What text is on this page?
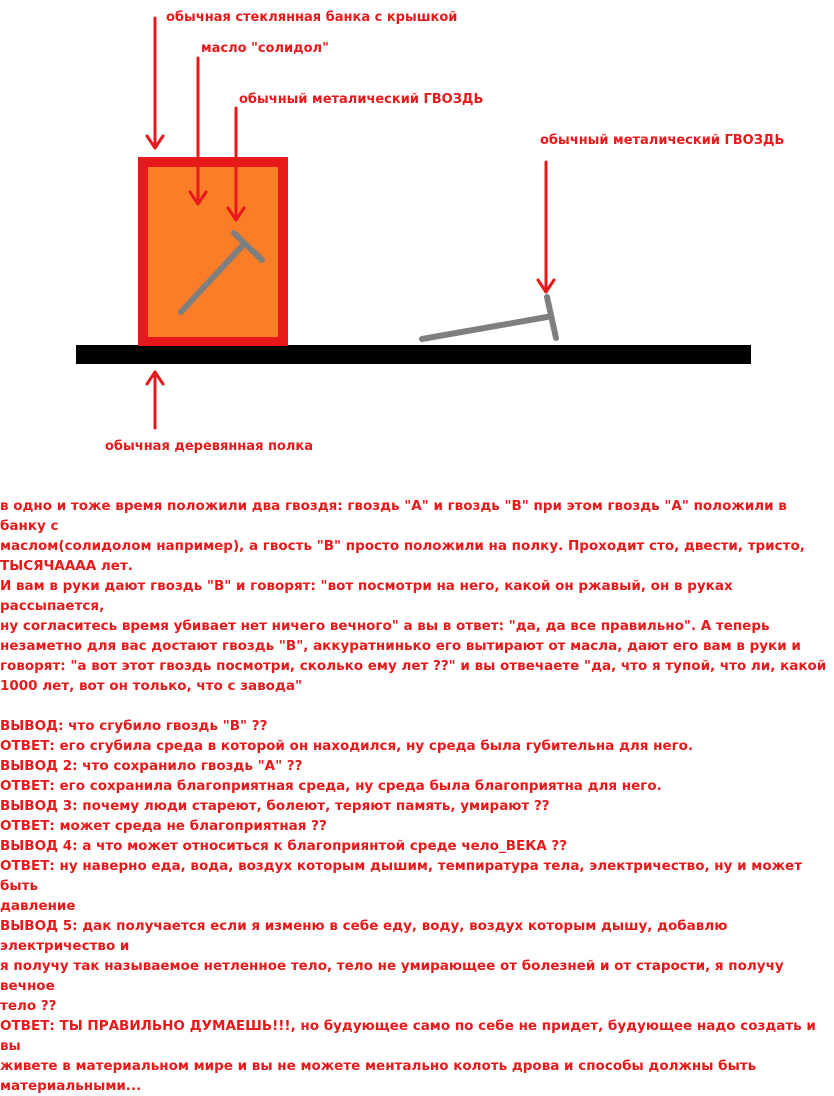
обычная стеклянная банка с крышкой
масло "солидол"
обычный металический ГВОЗДЬ
обычный металический ГВОЗДЬ
обычная деревянная полка

в одно и тоже время положили два гвоздя: гвоздь "А" и гвоздь "В" при этом гвоздь "А" положили в банку с

маслом(солидолом например), а гвость "В" просто положили на полку. Проходит сто, двести, тристо,

ТЫСЯЧАААА лет.

И вам в руки дают гвоздь "В" и говорят: "вот посмотри на него, какой он ржавый, он в руках рассыпается,

ну согласитесь время убивает нет ничего вечного" а вы в ответ: "да, да все правильно". А теперь

незаметно для вас достают гвоздь "В", аккуратнинько его вытирают от масла, дают его вам в руки и

говорят: "а вот этот гвоздь посмотри, сколько ему лет ??" и вы отвечаете "да, что я тупой, что ли, какой

1000 лет, вот он только, что с завода"

ВЫВОД: что сгубило гвоздь "В" ??

ОТВЕТ: его сгубила среда в которой он находился, ну среда была губительна для него.

ВЫВОД 2: что сохранило гвоздь "А" ??

ОТВЕТ: его сохранила благоприятная среда, ну среда была благоприятна для него.

ВЫВОД 3: почему люди стареют, болеют, теряют память, умирают ??

ОТВЕТ: может среда не благоприятная ??

ВЫВОД 4: а что может относиться к благоприянтой среде чело_ВЕКА ??

ОТВЕТ: ну наверно еда, вода, воздух которым дышим, темпиратура тела, электричество, ну и может быть

давление

ВЫВОД 5: дак получается если я изменю в себе еду, воду, воздух которым дышу, добавлю электричество и

я получу так называемое нетленное тело, тело не умирающее от болезней и от старости, я получу вечное

тело ??

ОТВЕТ: ТЫ ПРАВИЛЬНО ДУМАЕШЬ!!!, но будующее само по себе не придет, будующее надо создать и вы

живете в материальном мире и вы не можете ментально колоть дрова и способы должны быть

материальными...
